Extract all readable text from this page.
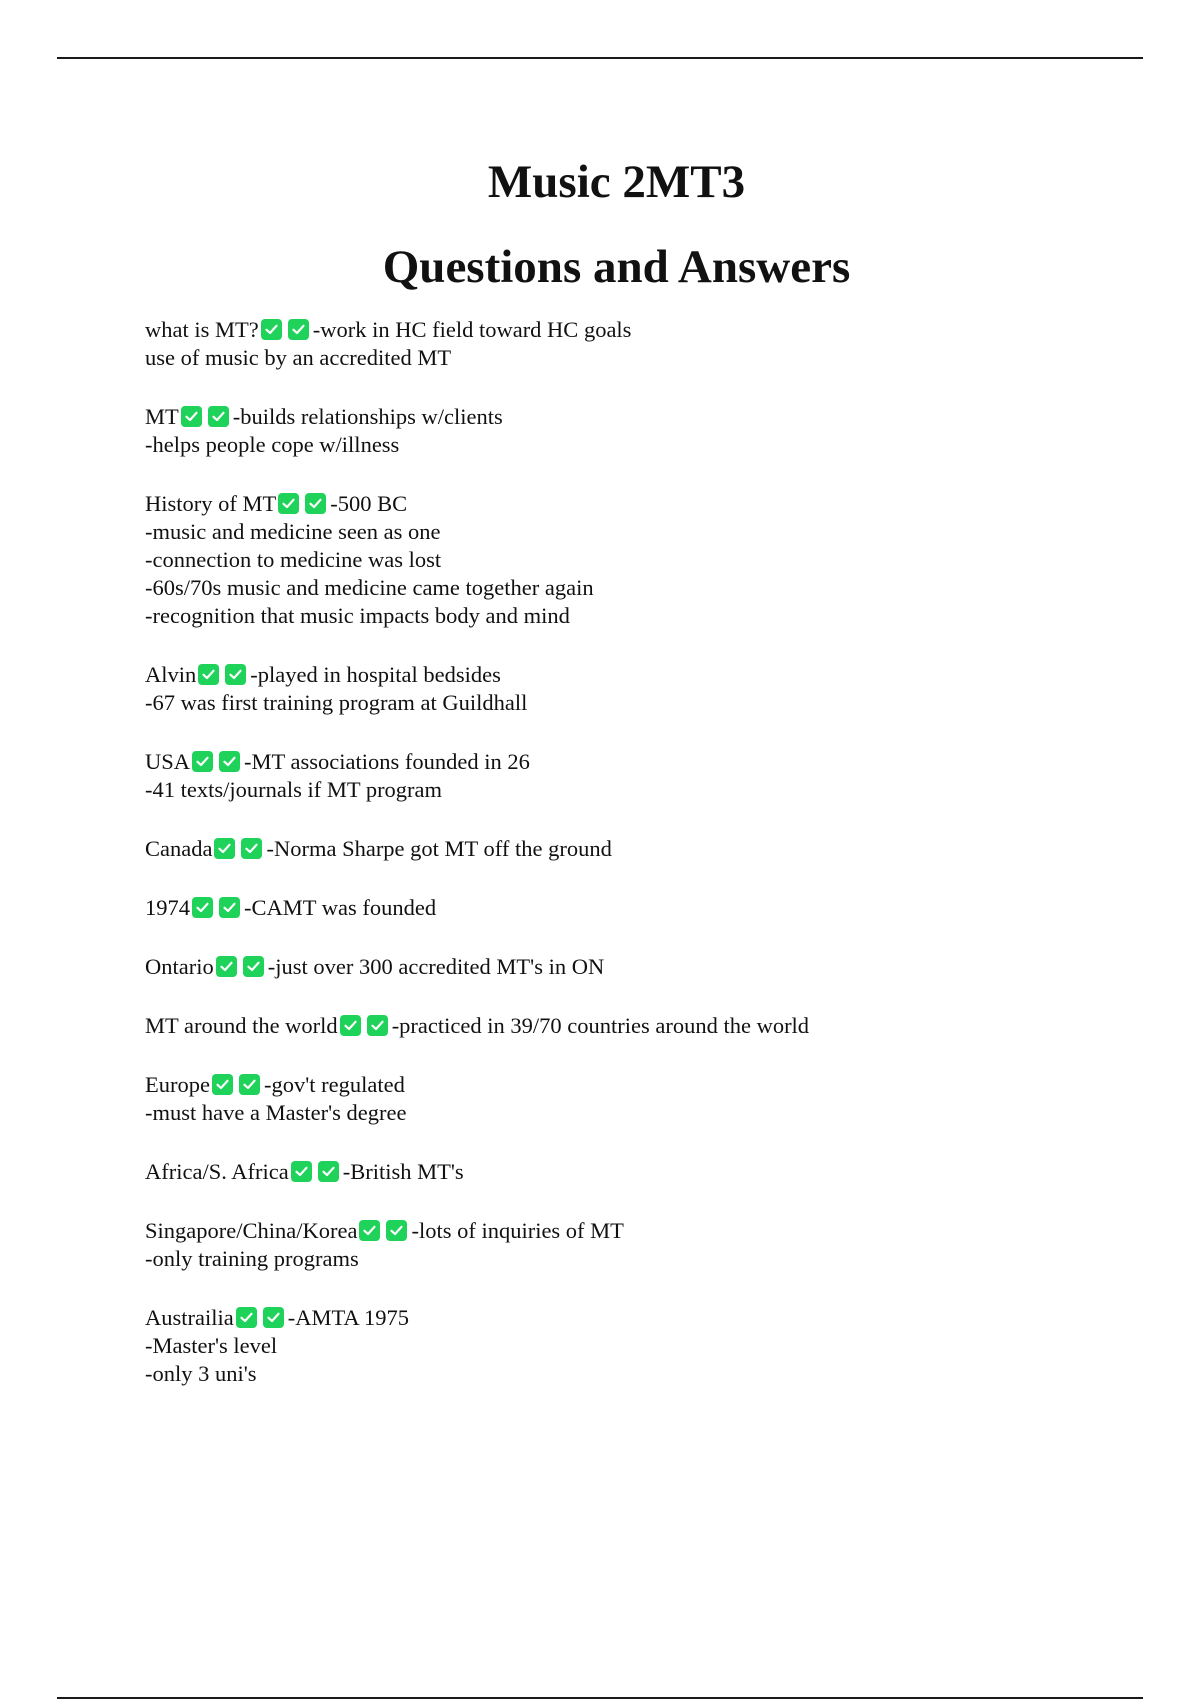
Music 2MT3
Questions and Answers
what is MT? -work in HC field toward HC goals
use of music by an accredited MT
MT -builds relationships w/clients
-helps people cope w/illness
History of MT -500 BC
-music and medicine seen as one
-connection to medicine was lost
-60s/70s music and medicine came together again
-recognition that music impacts body and mind
Alvin -played in hospital bedsides
-67 was first training program at Guildhall
USA -MT associations founded in 26
-41 texts/journals if MT program
Canada -Norma Sharpe got MT off the ground
1974 -CAMT was founded
Ontario -just over 300 accredited MT's in ON
MT around the world -practiced in 39/70 countries around the world
Europe -gov't regulated
-must have a Master's degree
Africa/S. Africa -British MT's
Singapore/China/Korea -lots of inquiries of MT
-only training programs
Austrailia -AMTA 1975
-Master's level
-only 3 uni's
